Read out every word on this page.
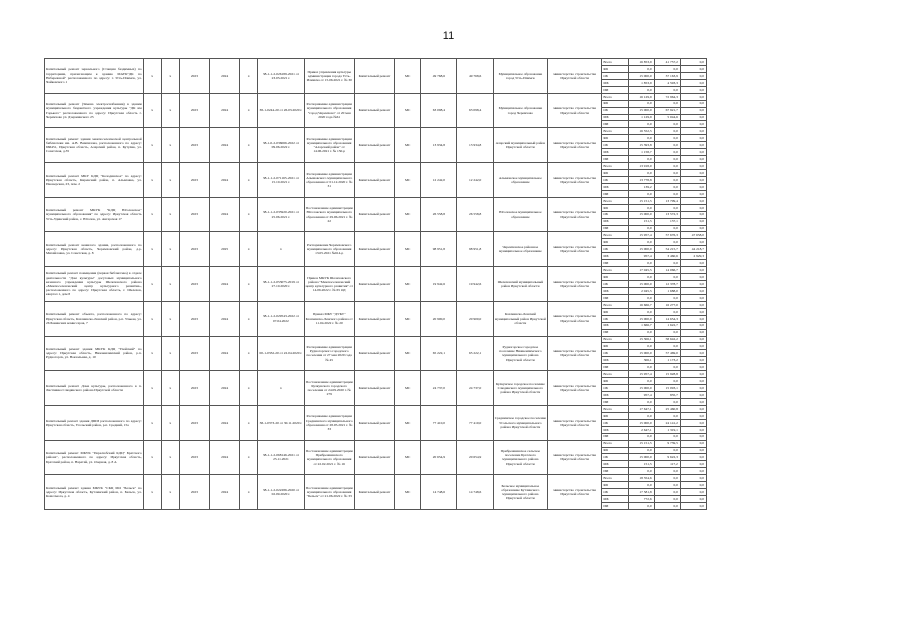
11
Капитальный ремонт зеркального (Станция бездимных) по территориям, прилегающим к зданию МАУК"ДК по Набережной" расположенного по адресу: г. Усть-Илимск, ул. Чайковского 1	х	х	2023	2024	х	38-1-1-2-026189-2021 от 23.03.2021 г.	Приказ управления культуры администрации города Усть-Илимска от 15.06.2021 г. № 30	Капитальный ремонт	МС	49 768,6	49 768,6	Муниципальное образование город Усть-Илимск	министерство строительства Иркутской области	Всего	16 853,9	41 757,2	0,0
														ФБ	0,0	0,0	0,0
														ОБ	15 000,0	37 163,9	0,0
														МБ	1 853,9	4 593,3	0,0
														ИИ	0,0	0,0	0,0
Капитальный ремонт (Замена электроснабжения) в здании муниципального бюджетного учреждения культуры "ДК им Горького" расположенного по адресу: Иркутская область г. Черемхово ул. Дзержинского 25	х	х	2023	2024	х	38-1-0244-20 от 26.03.2020 г.	Распоряжение администрации муниципального образования "город Черемхово" от 20 мая 2020 года №61	Капитальный ремонт	МС	63 098,4	63 098,4	Муниципальное образование город Черемхово	министерство строительства Иркутской области	Всего	16 129,9	72 964,3	0,0
														ФБ	0,0	0,0	0,0
														ОБ	15 000,0	67 921,7	0,0
														МБ	1 129,9	5 044,6	0,0
														ИИ	0,0	0,0	0,0
Капитальный ремонт здания межпоселенческой центральной библиотеки им. А.В. Вампилова, расположенного по адресу: 666451, Иркутская область, Аларский район, п. Кутулик, ул. Советская, д.35	х	х	2023	2024	х	38-1-0-2-036066-2022 от 09.06.2022 г.	Распоряжение администрации муниципального образования "Аларский район" от 14.06.2021 г. № 150-р	Капитальный ремонт	МС	13 934,8	13 934,8	Аларский муниципальный район Иркутской области	министерство строительства Иркутской области	Всего	16 552,5	0,0	0,0
														ФБ	0,0	0,0	0,0
														ОБ	15 393,8	0,0	0,0
														МБ	1 158,7	0,0	0,0
														ИИ	0,0	0,0	0,0
Капитальный ремонт МКУ КДЦ "Колодинское" по адресу: Иркутская область, Киренский район, п. Алымовка, ул. Пионерская, 23, пом. 2	х	х	2023	2024	х	38-1-1-2-071165-2021 от 15.10.2021 г.	Распоряжение администрации Алымовского муниципального образования от 01.12.2020 г. № 31	Капитальный ремонт	МС	12 242,0	12 242,0	Алымовское муниципальное образование	министерство строительства Иркутской области	Всего	13 918,0	0,0	0,0
														ФБ	0,0	0,0	0,0
														ОБ	13 778,8	0,0	0,0
														МБ	139,2	0,0	0,0
														ИИ	0,0	0,0	0,0
Капитальный ремонт МКУК "КДЦ Юголокское" муниципального образования" по адресу: Иркутская область Усть-Удинский район, с. Юголок, ул. Ангарская 17	х	х	2023	2024	х	38-1-1-2-035920-2021 от 25.06.2021 г.	Постановление администрации Юголокского муниципального образования от 29.06.2021 г. № 22	Капитальный ремонт	МС	26 558,8	26 558,8	Юголокское муниципальное образование	министерство строительства Иркутской области	Всего	15 151,5	13 709,4	0,0
														ФБ	0,0	0,0	0,0
														ОБ	15 000,0	13 572,3	0,0
														МБ	151,5	137,1	0,0
														ИИ	0,0	0,0	0,0
Капитальный ремонт нежилого здания, расположенного по адресу: Иркутская область, Черемховский район, д.р. Михайловка, ул. Советская, д. 8	х	х	2023	2025	х	х	Распоряжение Черемховского муниципального образования 13.05.2021 №614-р	Капитальный ремонт	МС	98 951,8	98 951,8	Черемховское районное муниципальное образование	министерство строительства Иркутской области	Всего	15 957,4	57 676,3	47 658,0
														ФБ	0,0	0,0	0,0
														ОБ	15 000,0	54 215,7	44 218,7
														МБ	957,4	3 460,6	2 929,3
														ИИ	0,0	0,0	0,0
Капитальный ремонт помещения (первая библиотека) в отделе деятельности "Дом культуры" досуговых муниципального казенного учреждения культуры Шелеховского района «Межпоселенческий центр культурного развития», расположенного по адресу: Иркутская область, г. Шелехов, квартал 1, дом 8	х	х	2023	2024	х	38-1-1-2-053075-2019 от 27.10.2020 г.	Приказ МКУК Шелеховского района "Межпоселенческий центр культурного развития" от 14.06.2022 г. № 65 ОД	Капитальный ремонт	МС	19 942,6	19 942,6	Шелеховский муниципальный район Иркутской области	министерство строительства Иркутской области	Всего	17 045,5	14 066,7	0,0
														ФБ	0,0	0,0	0,0
														ОБ	15 000,0	12 378,7	0,0
														МБ	2 045,5	1 688,0	0,0
														ИИ	0,0	0,0	0,0
Капитальный ремонт объекта, расположенного по адресу: Иркутская область, Казачинско-Ленский район, р.п. Улькан, ул. 26 Бакинских комиссаров, 7	х	х	2023	2024	х	38-1-1-2-029543-2022 от 07.04.2022	Приказ МКУ "ДУКТ" Казачинско-Ленского района от 11.04.2022 г. № 20	Капитальный ремонт	МС	20 900,0	20 900,0	Казачинско-Ленский муниципальный район Иркутской области	министерство строительства Иркутской области	Всего	16 666,7	16 277,0	0,0
														ФБ	0,0	0,0	0,0
														ОБ	15 000,0	14 654,3	0,0
														МБ	1 666,7	1 622,7	0,0
														ИИ	0,0	0,0	0,0
Капитальный ремонт здания МКУК КДЦ "Улейский" по адресу: Иркутская область, Нижнеилимский район, р.п. Рудногорск, ул. Вокзальная, д. 10	х	х	2023	2024	х	00-1-0332-20 от 22.04.2020 г.	Распоряжение администрации Рудногорского городского поселения от 27 мая 2020 года № 45	Капитальный ремонт	МС	65 222,1	65 222,1	Рудногорское городское поселение Нижнеилимского муниципального района Иркутской области	министерство строительства Иркутской области	Всего	15 306,1	58 642,2	0,0
														ФБ	0,0	0,0	0,0
														ОБ	15 000,0	57 469,0	0,0
														МБ	306,1	1 173,2	0,0
														ИИ	0,0	0,0	0,0
Капитальный ремонт Дома культуры, расположенного в п. Листвянка Слюдянского района Иркутской области	х	х	2023	2024	х	х	Постановление администрации Кулкунского городского поселения от 24.09.2020 г. № 279	Капитальный ремонт	МС	24 737,0	24 737,0	Кулкунское городское поселение Слюдянского муниципального района Иркутской области	министерство строительства Иркутской области	Всего	15 957,4	15 928,8	0,0
														ФБ	0,0	0,0	0,0
														ОБ	15 000,0	15 093,1	0,0
														МБ	957,4	835,7	0,0
														ИИ	0,0	0,0	0,0
Капитальный ремонт здания ДШИ расположенного по адресу: Иркутская область, Усольский район, р.п. Средний, 15а	х	х	2023	2024	х	38-1-0373-20 от 30.11.2020 г.	Распоряжение администрации Среднинского муниципального образования от 28.05.2021 г. № 33	Капитальный ремонт	МС	77 410,0	77 410,0	Среднинское городское поселение Усольского муниципального района Иркутской области	министерство строительства Иркутской области	Всего	17 647,1	25 460,8	0,0
														ФБ	0,0	0,0	0,0
														ОБ	15 000,0	24 141,2	0,0
														МБ	2 647,1	1 319,1	0,0
														ИИ	0,0	0,0	0,0
Капитальный ремонт МКУК "Перелюбский КДЦ" Братского района", расположенного по адресу: Иркутская область, Братский район, п. Наратай, ул. Озерная, д. 8 А	х	х	2023	2024	х	38-1-1-2-068146-2021 от 25.11.2021	Постановление администрации Прибрежнинского муниципального образования от 22.02.2021 г. № 16	Капитальный ремонт	МС	20 654,9	20 654,9	Прибрежнинское сельское поселение Братского муниципального района Иркутской области	министерство строительства Иркутской области	Всего	15 151,5	9 739,5	0,0
														ФБ	0,0	0,0	0,0
														ОБ	15 000,0	9 622,3	0,0
														МБ	151,5	117,2	0,0
														ИИ	0,0	0,0	0,0
Капитальный ремонт здания МКУК "СКЦ МО "Бельск" по адресу: Иркутская область, Кутлинский район, п. Бельск, ул. Комсомола, д. 4	х	х	2023	2024	х	38-1-1-2-022286-2020 от 02.09.2020 г.	Постановление администрации муниципального образования "Бельск" от 21.06.2022 г. № 33	Капитальный ремонт	МС	14 748,6	14 748,6	Бельское муниципальное образование Кутлинского муниципального района Иркутской области	министерство строительства Иркутской области	Всего	18 354,6	0,0	0,0
														ФБ	0,0	0,0	0,0
														ОБ	17 581,8	0,0	0,0
														МБ	772,6	0,0	0,0
														ИИ	0,0	0,0	0,0
